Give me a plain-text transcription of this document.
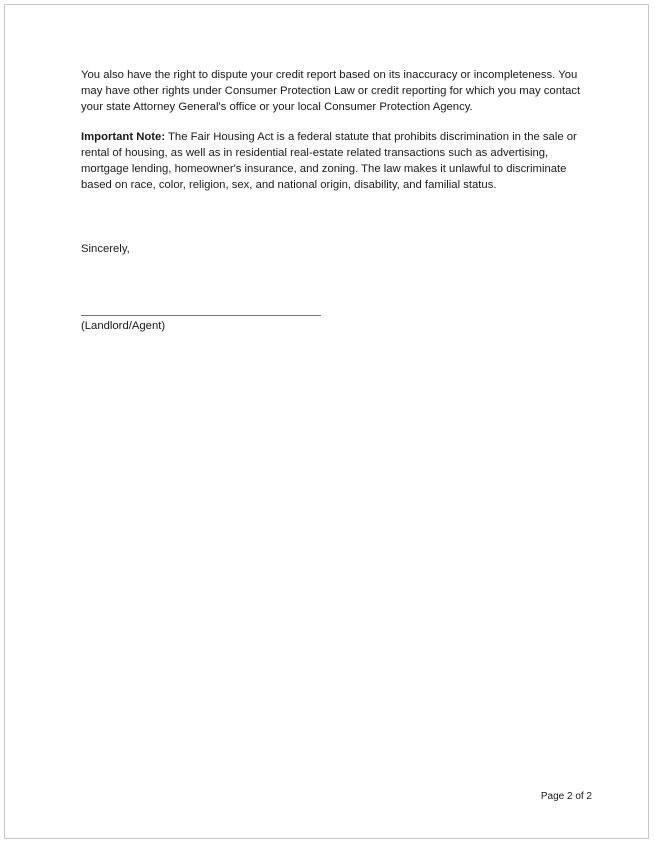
You also have the right to dispute your credit report based on its inaccuracy or incompleteness. You may have other rights under Consumer Protection Law or credit reporting for which you may contact your state Attorney General's office or your local Consumer Protection Agency.

Important Note: The Fair Housing Act is a federal statute that prohibits discrimination in the sale or rental of housing, as well as in residential real-estate related transactions such as advertising, mortgage lending, homeowner's insurance, and zoning. The law makes it unlawful to discriminate based on race, color, religion, sex, and national origin, disability, and familial status.

Sincerely,
(Landlord/Agent)
Page 2 of 2
